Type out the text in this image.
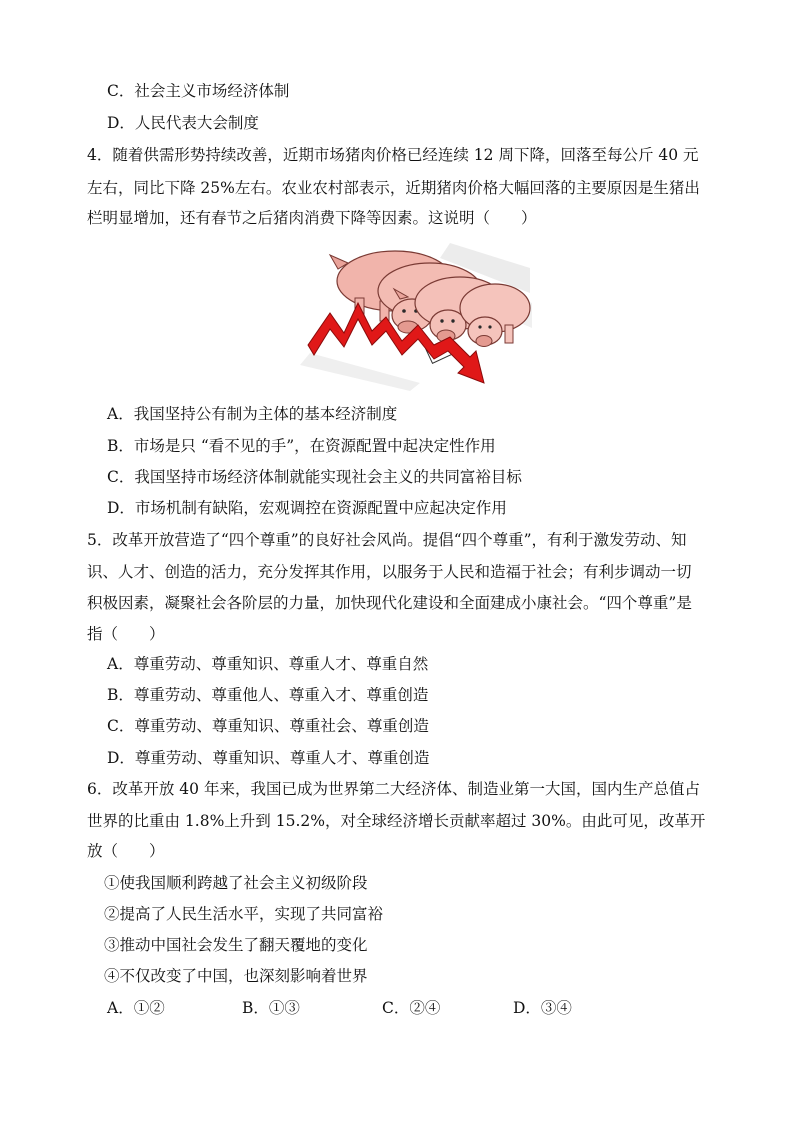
C．社会主义市场经济体制
D．人民代表大会制度
4．随着供需形势持续改善，近期市场猪肉价格已经连续 12 周下降，回落至每公斤 40 元
左右，同比下降 25%左右。农业农村部表示，近期猪肉价格大幅回落的主要原因是生猪出
栏明显增加，还有春节之后猪肉消费下降等因素。这说明（　　）
A．我国坚持公有制为主体的基本经济制度
B．市场是只 “看不见的手”，在资源配置中起决定性作用
C．我国坚持市场经济体制就能实现社会主义的共同富裕目标
D．市场机制有缺陷，宏观调控在资源配置中应起决定作用
5．改革开放营造了“四个尊重”的良好社会风尚。提倡“四个尊重”，有利于激发劳动、知
识、人才、创造的活力，充分发挥其作用，以服务于人民和造福于社会；有利步调动一切
积极因素，凝聚社会各阶层的力量，加快现代化建设和全面建成小康社会。“四个尊重”是
指（　　）
A．尊重劳动、尊重知识、尊重人才、尊重自然
B．尊重劳动、尊重他人、尊重入才、尊重创造
C．尊重劳动、尊重知识、尊重社会、尊重创造
D．尊重劳动、尊重知识、尊重人才、尊重创造
6．改革开放 40 年来，我国已成为世界第二大经济体、制造业第一大国，国内生产总值占
世界的比重由 1.8%上升到 15.2%，对全球经济增长贡献率超过 30%。由此可见，改革开
放（　　）
①使我国顺利跨越了社会主义初级阶段
②提高了人民生活水平，实现了共同富裕
③推动中国社会发生了翻天覆地的变化
④不仅改变了中国，也深刻影响着世界
A．①②	B．①③	C．②④	D．③④
